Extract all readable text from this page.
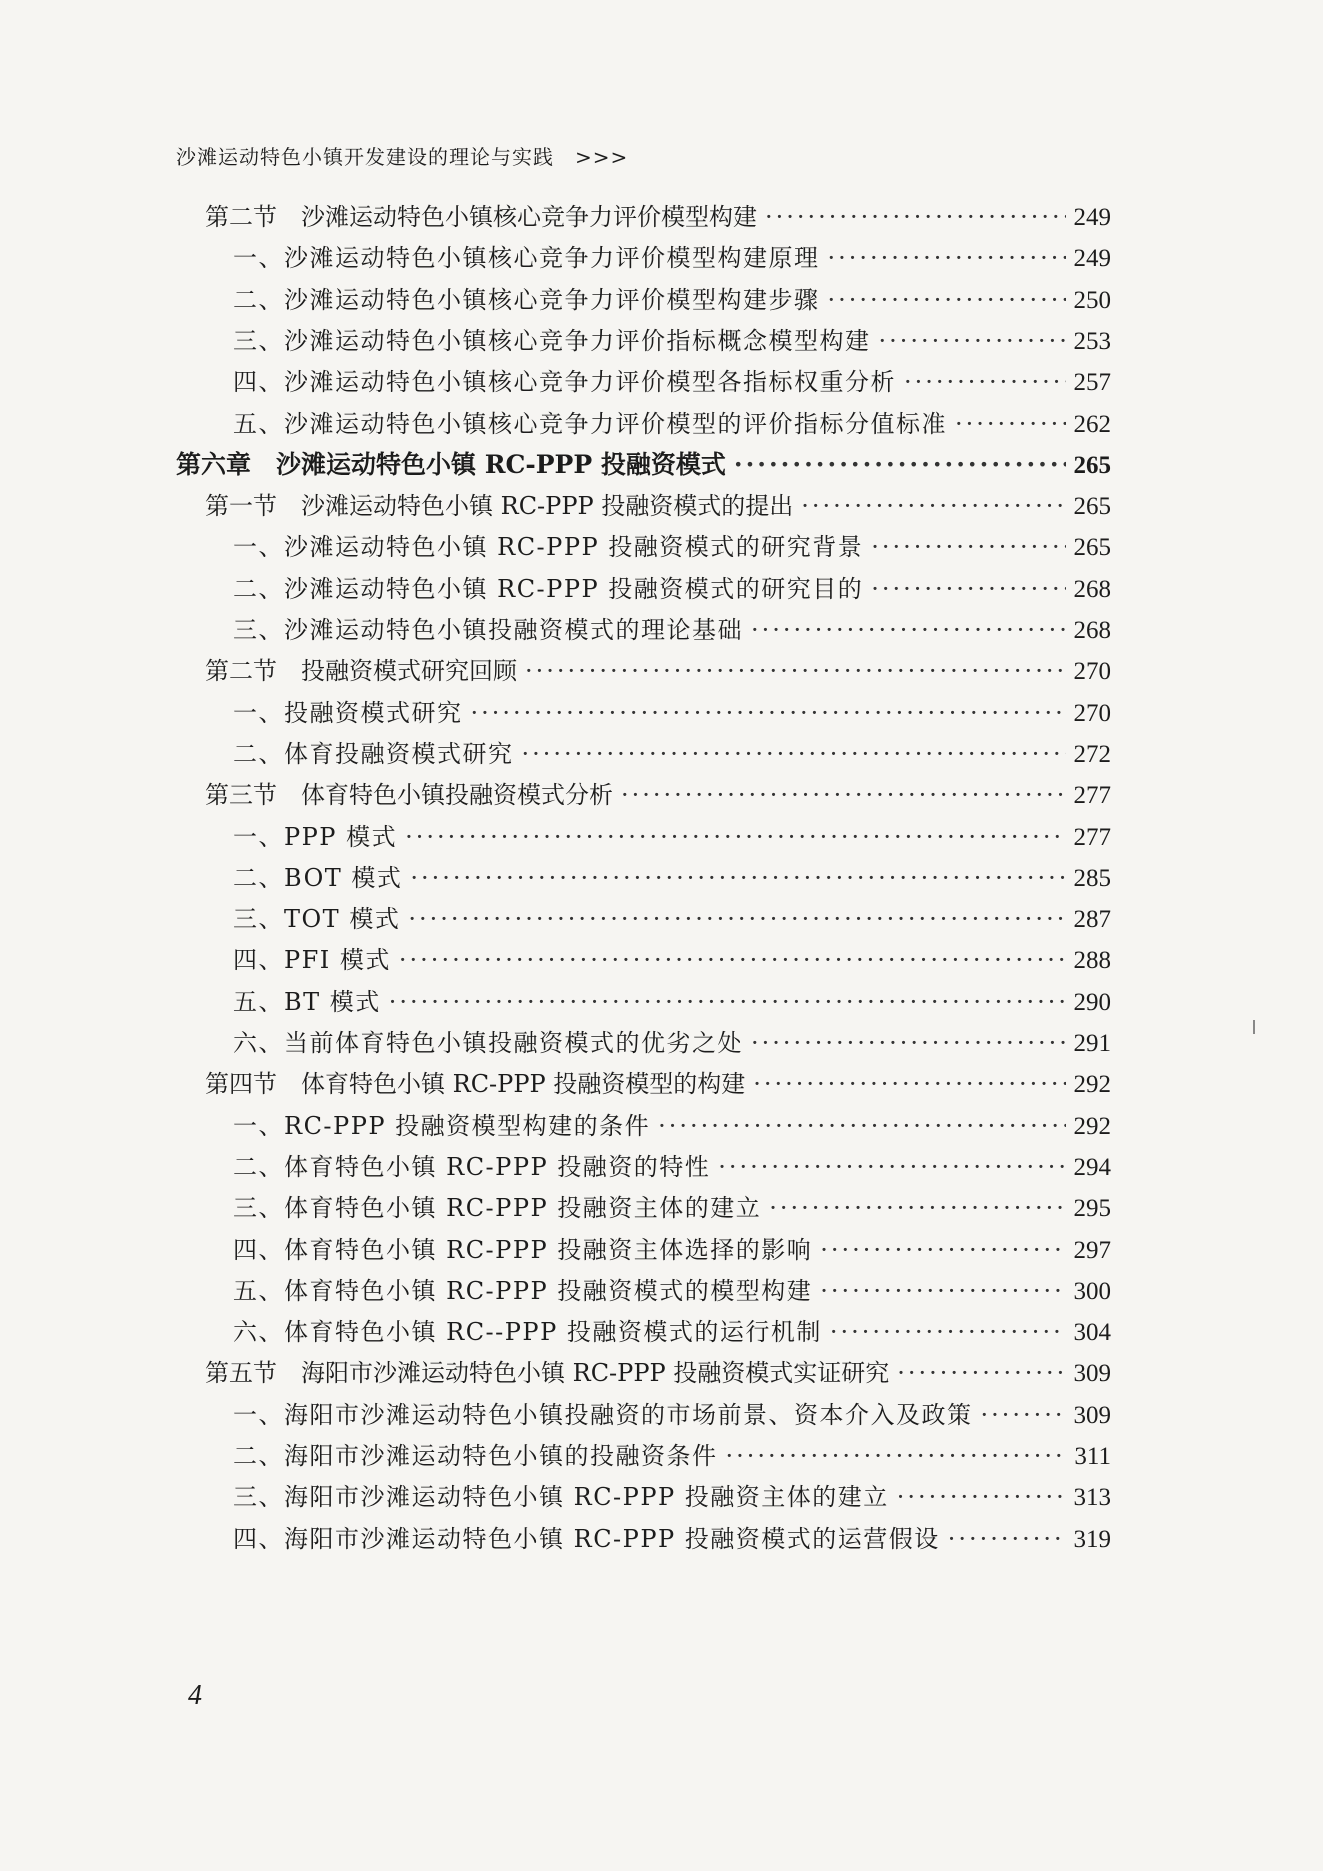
沙滩运动特色小镇开发建设的理论与实践　>>>
第二节　沙滩运动特色小镇核心竞争力评价模型构建 ·····	249
一、沙滩运动特色小镇核心竞争力评价模型构建原理 ·····	249
二、沙滩运动特色小镇核心竞争力评价模型构建步骤 ·····	250
三、沙滩运动特色小镇核心竞争力评价指标概念模型构建 ·····	253
四、沙滩运动特色小镇核心竞争力评价模型各指标权重分析 ·····	257
五、沙滩运动特色小镇核心竞争力评价模型的评价指标分值标准 ·····	262
第六章　沙滩运动特色小镇 RC-PPP 投融资模式 ·····	265
第一节　沙滩运动特色小镇 RC-PPP 投融资模式的提出 ·····	265
一、沙滩运动特色小镇 RC-PPP 投融资模式的研究背景 ·····	265
二、沙滩运动特色小镇 RC-PPP 投融资模式的研究目的 ·····	268
三、沙滩运动特色小镇投融资模式的理论基础 ·····	268
第二节　投融资模式研究回顾 ·····	270
一、投融资模式研究 ·····	270
二、体育投融资模式研究 ·····	272
第三节　体育特色小镇投融资模式分析 ·····	277
一、PPP 模式 ·····	277
二、BOT 模式 ·····	285
三、TOT 模式 ·····	287
四、PFI 模式 ·····	288
五、BT 模式 ·····	290
六、当前体育特色小镇投融资模式的优劣之处 ·····	291
第四节　体育特色小镇 RC-PPP 投融资模型的构建 ·····	292
一、RC-PPP 投融资模型构建的条件 ·····	292
二、体育特色小镇 RC-PPP 投融资的特性 ·····	294
三、体育特色小镇 RC-PPP 投融资主体的建立 ·····	295
四、体育特色小镇 RC-PPP 投融资主体选择的影响 ·····	297
五、体育特色小镇 RC-PPP 投融资模式的模型构建 ·····	300
六、体育特色小镇 RC--PPP 投融资模式的运行机制 ·····	304
第五节　海阳市沙滩运动特色小镇 RC-PPP 投融资模式实证研究 ·····	309
一、海阳市沙滩运动特色小镇投融资的市场前景、资本介入及政策 ·····	309
二、海阳市沙滩运动特色小镇的投融资条件 ·····	311
三、海阳市沙滩运动特色小镇 RC-PPP 投融资主体的建立 ·····	313
四、海阳市沙滩运动特色小镇 RC-PPP 投融资模式的运营假设 ·····	319
4
